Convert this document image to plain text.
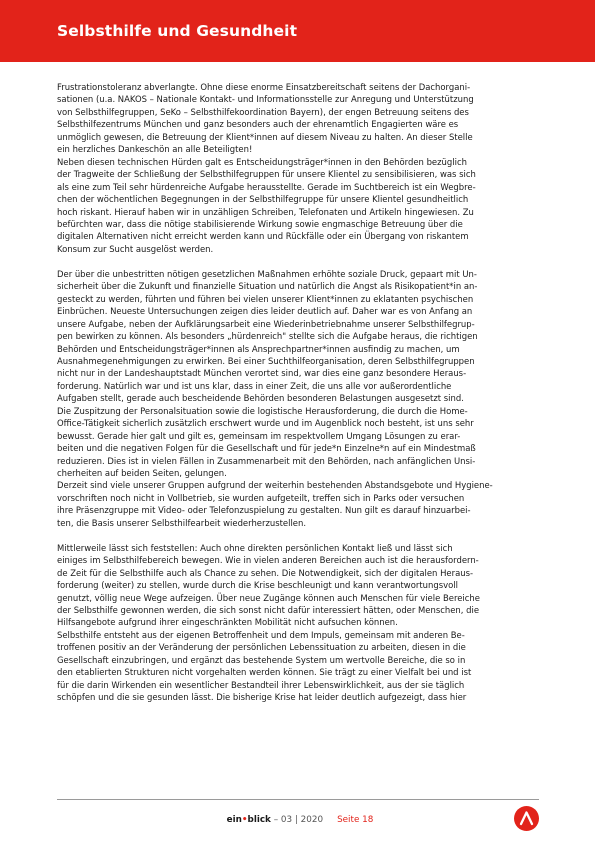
Selbsthilfe und Gesundheit
Frustrationstoleranz abverlangte. Ohne diese enorme Einsatzbereitschaft seitens der Dachorgani-
sationen (u.a. NAKOS – Nationale Kontakt- und Informationsstelle zur Anregung und Unterstützung
von Selbsthilfegruppen, SeKo – Selbsthilfekoordination Bayern), der engen Betreuung seitens des
Selbsthilfezentrums München und ganz besonders auch der ehrenamtlich Engagierten wäre es
unmöglich gewesen, die Betreuung der Klient*innen auf diesem Niveau zu halten. An dieser Stelle
ein herzliches Dankeschön an alle Beteiligten!
Neben diesen technischen Hürden galt es Entscheidungsträger*innen in den Behörden bezüglich
der Tragweite der Schließung der Selbsthilfegruppen für unsere Klientel zu sensibilisieren, was sich
als eine zum Teil sehr hürdenreiche Aufgabe herausstellte. Gerade im Suchtbereich ist ein Wegbre-
chen der wöchentlichen Begegnungen in der Selbsthilfegruppe für unsere Klientel gesundheitlich
hoch riskant. Hierauf haben wir in unzähligen Schreiben, Telefonaten und Artikeln hingewiesen. Zu
befürchten war, dass die nötige stabilisierende Wirkung sowie engmaschige Betreuung über die
digitalen Alternativen nicht erreicht werden kann und Rückfälle oder ein Übergang von riskantem
Konsum zur Sucht ausgelöst werden.
Der über die unbestritten nötigen gesetzlichen Maßnahmen erhöhte soziale Druck, gepaart mit Un-
sicherheit über die Zukunft und finanzielle Situation und natürlich die Angst als Risikopatient*in an-
gesteckt zu werden, führten und führen bei vielen unserer Klient*innen zu eklatanten psychischen
Einbrüchen. Neueste Untersuchungen zeigen dies leider deutlich auf. Daher war es von Anfang an
unsere Aufgabe, neben der Aufklärungsarbeit eine Wiederinbetriebnahme unserer Selbsthilfegrup-
pen bewirken zu können. Als besonders „hürdenreich" stellte sich die Aufgabe heraus, die richtigen
Behörden und Entscheidungsträger*innen als Ansprechpartner*innen ausfindig zu machen, um
Ausnahmegenehmigungen zu erwirken. Bei einer Suchthilfeorganisation, deren Selbsthilfegruppen
nicht nur in der Landeshauptstadt München verortet sind, war dies eine ganz besondere Heraus-
forderung. Natürlich war und ist uns klar, dass in einer Zeit, die uns alle vor außerordentliche
Aufgaben stellt, gerade auch bescheidende Behörden besonderen Belastungen ausgesetzt sind.
Die Zuspitzung der Personalsituation sowie die logistische Herausforderung, die durch die Home-
Office-Tätigkeit sicherlich zusätzlich erschwert wurde und im Augenblick noch besteht, ist uns sehr
bewusst. Gerade hier galt und gilt es, gemeinsam im respektvollem Umgang Lösungen zu erar-
beiten und die negativen Folgen für die Gesellschaft und für jede*n Einzelne*n auf ein Mindestmaß
reduzieren. Dies ist in vielen Fällen in Zusammenarbeit mit den Behörden, nach anfänglichen Unsi-
cherheiten auf beiden Seiten, gelungen.
Derzeit sind viele unserer Gruppen aufgrund der weiterhin bestehenden Abstandsgebote und Hygiene-
vorschriften noch nicht in Vollbetrieb, sie wurden aufgeteilt, treffen sich in Parks oder versuchen
ihre Präsenzgruppe mit Video- oder Telefonzuspielung zu gestalten. Nun gilt es darauf hinzuarbei-
ten, die Basis unserer Selbsthilfearbeit wiederherzustellen.
Mittlerweile lässt sich feststellen: Auch ohne direkten persönlichen Kontakt ließ und lässt sich
einiges im Selbsthilfebereich bewegen. Wie in vielen anderen Bereichen auch ist die herausfordern-
de Zeit für die Selbsthilfe auch als Chance zu sehen. Die Notwendigkeit, sich der digitalen Heraus-
forderung (weiter) zu stellen, wurde durch die Krise beschleunigt und kann verantwortungsvoll
genutzt, völlig neue Wege aufzeigen. Über neue Zugänge können auch Menschen für viele Bereiche
der Selbsthilfe gewonnen werden, die sich sonst nicht dafür interessiert hätten, oder Menschen, die
Hilfsangebote aufgrund ihrer eingeschränkten Mobilität nicht aufsuchen können.
Selbsthilfe entsteht aus der eigenen Betroffenheit und dem Impuls, gemeinsam mit anderen Be-
troffenen positiv an der Veränderung der persönlichen Lebenssituation zu arbeiten, diesen in die
Gesellschaft einzubringen, und ergänzt das bestehende System um wertvolle Bereiche, die so in
den etablierten Strukturen nicht vorgehalten werden können. Sie trägt zu einer Vielfalt bei und ist
für die darin Wirkenden ein wesentlicher Bestandteil ihrer Lebenswirklichkeit, aus der sie täglich
schöpfen und die sie gesunden lässt. Die bisherige Krise hat leider deutlich aufgezeigt, dass hier
ein•blick – 03 | 2020 Seite 18
